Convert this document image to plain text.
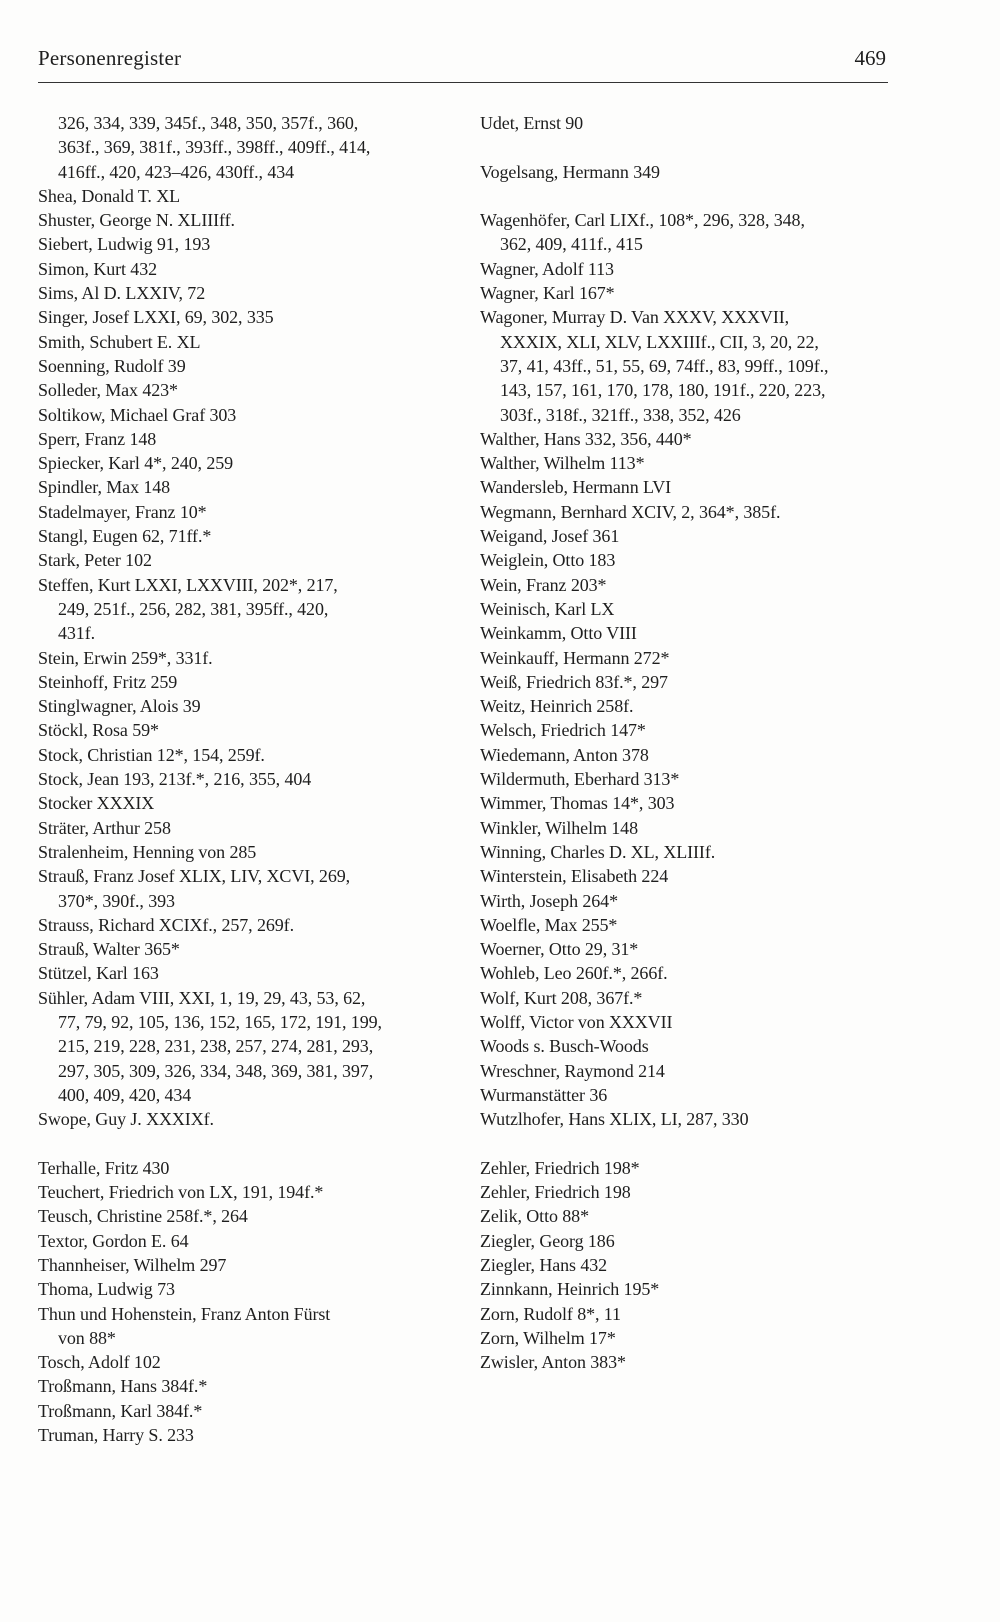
Personenregister	469
326, 334, 339, 345f., 348, 350, 357f., 360,
363f., 369, 381f., 393ff., 398ff., 409ff., 414,
416ff., 420, 423–426, 430ff., 434
Shea, Donald T. XL
Shuster, George N. XLIIIff.
Siebert, Ludwig 91, 193
Simon, Kurt 432
Sims, Al D. LXXIV, 72
Singer, Josef LXXI, 69, 302, 335
Smith, Schubert E. XL
Soenning, Rudolf 39
Solleder, Max 423*
Soltikow, Michael Graf 303
Sperr, Franz 148
Spiecker, Karl 4*, 240, 259
Spindler, Max 148
Stadelmayer, Franz 10*
Stangl, Eugen 62, 71ff.*
Stark, Peter 102
Steffen, Kurt LXXI, LXXVIII, 202*, 217,
249, 251f., 256, 282, 381, 395ff., 420,
431f.
Stein, Erwin 259*, 331f.
Steinhoff, Fritz 259
Stinglwagner, Alois 39
Stöckl, Rosa 59*
Stock, Christian 12*, 154, 259f.
Stock, Jean 193, 213f.*, 216, 355, 404
Stocker XXXIX
Sträter, Arthur 258
Stralenheim, Henning von 285
Strauß, Franz Josef XLIX, LIV, XCVI, 269,
370*, 390f., 393
Strauss, Richard XCIXf., 257, 269f.
Strauß, Walter 365*
Stützel, Karl 163
Sühler, Adam VIII, XXI, 1, 19, 29, 43, 53, 62,
77, 79, 92, 105, 136, 152, 165, 172, 191, 199,
215, 219, 228, 231, 238, 257, 274, 281, 293,
297, 305, 309, 326, 334, 348, 369, 381, 397,
400, 409, 420, 434
Swope, Guy J. XXXIXf.
Terhalle, Fritz 430
Teuchert, Friedrich von LX, 191, 194f.*
Teusch, Christine 258f.*, 264
Textor, Gordon E. 64
Thannheiser, Wilhelm 297
Thoma, Ludwig 73
Thun und Hohenstein, Franz Anton Fürst
von 88*
Tosch, Adolf 102
Troßmann, Hans 384f.*
Troßmann, Karl 384f.*
Truman, Harry S. 233
Udet, Ernst 90
Vogelsang, Hermann 349
Wagenhöfer, Carl LIXf., 108*, 296, 328, 348,
362, 409, 411f., 415
Wagner, Adolf 113
Wagner, Karl 167*
Wagoner, Murray D. Van XXXV, XXXVII,
XXXIX, XLI, XLV, LXXIIIf., CII, 3, 20, 22,
37, 41, 43ff., 51, 55, 69, 74ff., 83, 99ff., 109f.,
143, 157, 161, 170, 178, 180, 191f., 220, 223,
303f., 318f., 321ff., 338, 352, 426
Walther, Hans 332, 356, 440*
Walther, Wilhelm 113*
Wandersleb, Hermann LVI
Wegmann, Bernhard XCIV, 2, 364*, 385f.
Weigand, Josef 361
Weiglein, Otto 183
Wein, Franz 203*
Weinisch, Karl LX
Weinkamm, Otto VIII
Weinkauff, Hermann 272*
Weiß, Friedrich 83f.*, 297
Weitz, Heinrich 258f.
Welsch, Friedrich 147*
Wiedemann, Anton 378
Wildermuth, Eberhard 313*
Wimmer, Thomas 14*, 303
Winkler, Wilhelm 148
Winning, Charles D. XL, XLIIIf.
Winterstein, Elisabeth 224
Wirth, Joseph 264*
Woelfle, Max 255*
Woerner, Otto 29, 31*
Wohleb, Leo 260f.*, 266f.
Wolf, Kurt 208, 367f.*
Wolff, Victor von XXXVII
Woods s. Busch-Woods
Wreschner, Raymond 214
Wurmanstätter 36
Wutzlhofer, Hans XLIX, LI, 287, 330
Zehler, Friedrich 198*
Zehler, Friedrich 198
Zelik, Otto 88*
Ziegler, Georg 186
Ziegler, Hans 432
Zinnkann, Heinrich 195*
Zorn, Rudolf 8*, 11
Zorn, Wilhelm 17*
Zwisler, Anton 383*
